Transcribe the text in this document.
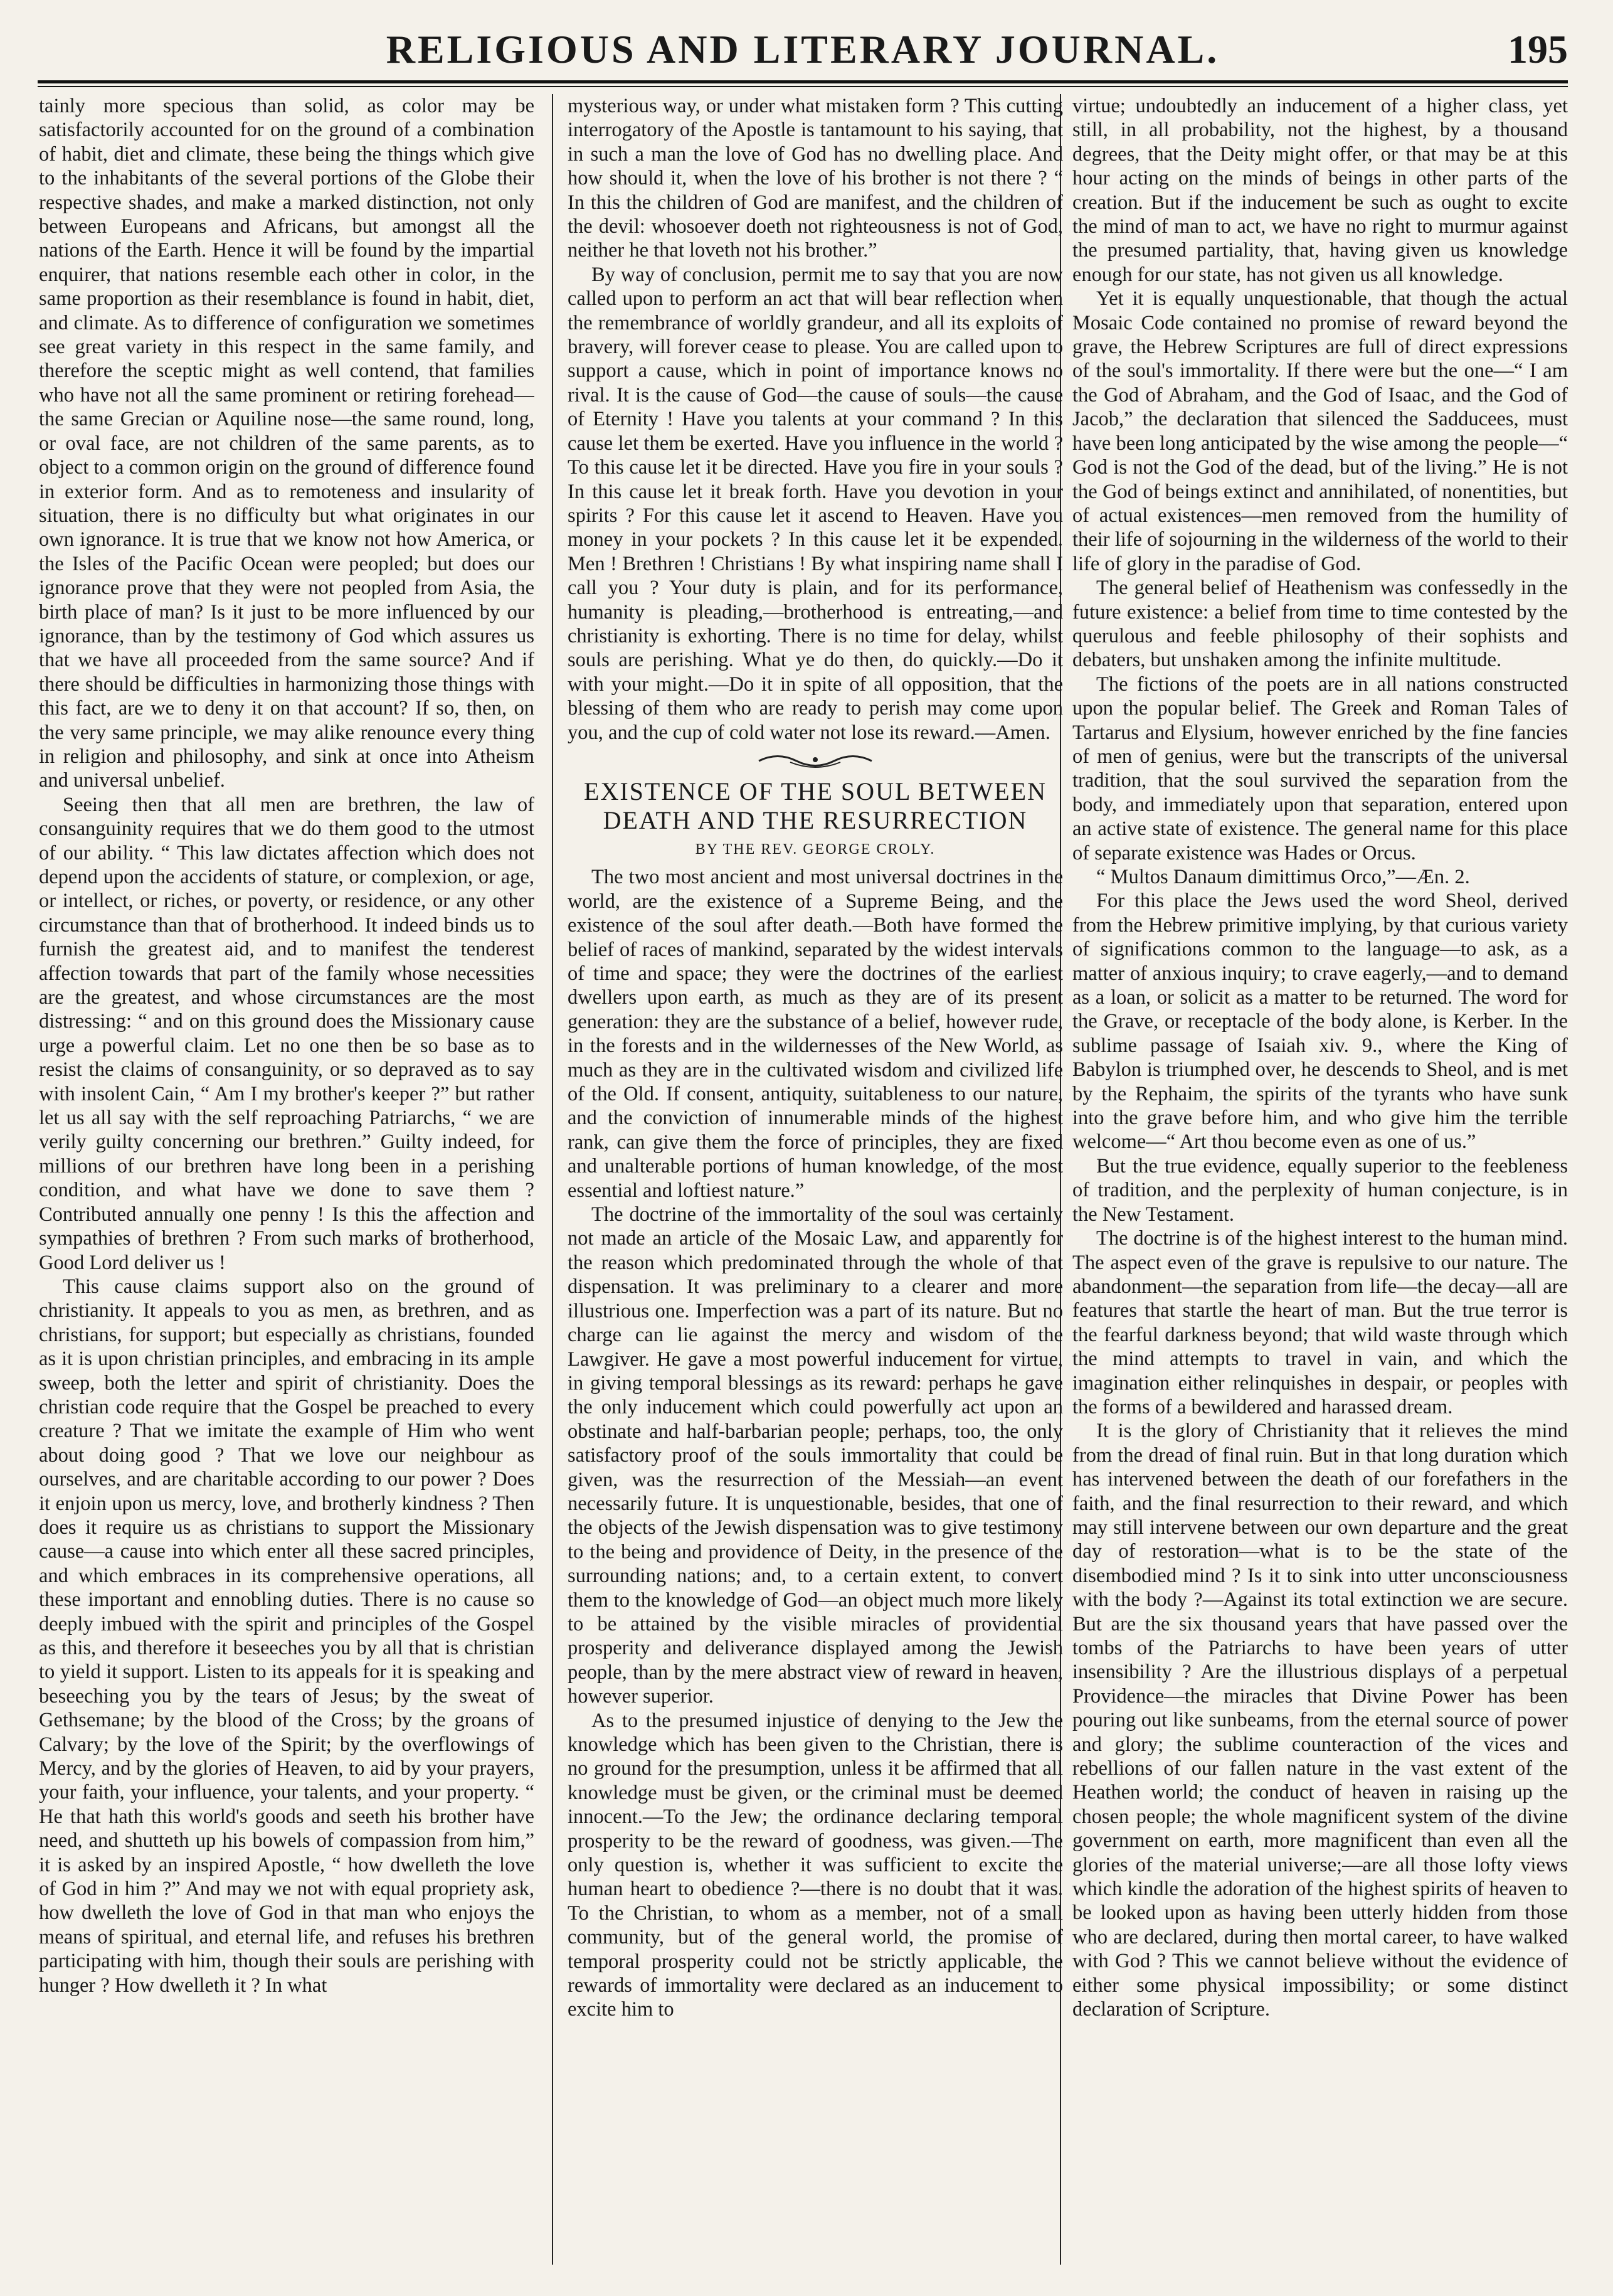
RELIGIOUS AND LITERARY JOURNAL.	195

tainly more specious than solid, as color may be satisfactorily accounted for on the ground of a combination of habit, diet and climate, these being the things which give to the inhabitants of the several portions of the Globe their respective shades, and make a marked distinction, not only between Europeans and Africans, but amongst all the nations of the Earth. Hence it will be found by the impartial enquirer, that nations resemble each other in color, in the same proportion as their resemblance is found in habit, diet, and climate. As to difference of configuration we sometimes see great variety in this respect in the same family, and therefore the sceptic might as well contend, that families who have not all the same prominent or retiring forehead—the same Grecian or Aquiline nose—the same round, long, or oval face, are not children of the same parents, as to object to a common origin on the ground of difference found in exterior form. And as to remoteness and insularity of situation, there is no difficulty but what originates in our own ignorance. It is true that we know not how America, or the Isles of the Pacific Ocean were peopled; but does our ignorance prove that they were not peopled from Asia, the birth place of man? Is it just to be more influenced by our ignorance, than by the testimony of God which assures us that we have all proceeded from the same source? And if there should be difficulties in harmonizing those things with this fact, are we to deny it on that account? If so, then, on the very same principle, we may alike renounce every thing in religion and philosophy, and sink at once into Atheism and universal unbelief.

Seeing then that all men are brethren, the law of consanguinity requires that we do them good to the utmost of our ability. “ This law dictates affection which does not depend upon the accidents of stature, or complexion, or age, or intellect, or riches, or poverty, or residence, or any other circumstance than that of brotherhood. It indeed binds us to furnish the greatest aid, and to manifest the tenderest affection towards that part of the family whose necessities are the greatest, and whose circumstances are the most distressing: “ and on this ground does the Missionary cause urge a powerful claim. Let no one then be so base as to resist the claims of consanguinity, or so depraved as to say with insolent Cain, “ Am I my brother's keeper ?” but rather let us all say with the self reproaching Patriarchs, “ we are verily guilty concerning our brethren.” Guilty indeed, for millions of our brethren have long been in a perishing condition, and what have we done to save them ? Contributed annually one penny ! Is this the affection and sympathies of brethren ? From such marks of brotherhood, Good Lord deliver us !

This cause claims support also on the ground of christianity. It appeals to you as men, as brethren, and as christians, for support; but especially as christians, founded as it is upon christian principles, and embracing in its ample sweep, both the letter and spirit of christianity. Does the christian code require that the Gospel be preached to every creature ? That we imitate the example of Him who went about doing good ? That we love our neighbour as ourselves, and are charitable according to our power ? Does it enjoin upon us mercy, love, and brotherly kindness ? Then does it require us as christians to support the Missionary cause—a cause into which enter all these sacred principles, and which embraces in its comprehensive operations, all these important and ennobling duties. There is no cause so deeply imbued with the spirit and principles of the Gospel as this, and therefore it beseeches you by all that is christian to yield it support. Listen to its appeals for it is speaking and beseeching you by the tears of Jesus; by the sweat of Gethsemane; by the blood of the Cross; by the groans of Calvary; by the love of the Spirit; by the overflowings of Mercy, and by the glories of Heaven, to aid by your prayers, your faith, your influence, your talents, and your property. “ He that hath this world's goods and seeth his brother have need, and shutteth up his bowels of compassion from him,” it is asked by an inspired Apostle, “ how dwelleth the love of God in him ?” And may we not with equal propriety ask, how dwelleth the love of God in that man who enjoys the means of spiritual, and eternal life, and refuses his brethren participating with him, though their souls are perishing with hunger ? How dwelleth it ? In what

mysterious way, or under what mistaken form ? This cutting interrogatory of the Apostle is tantamount to his saying, that in such a man the love of God has no dwelling place. And how should it, when the love of his brother is not there ? “ In this the children of God are manifest, and the children of the devil: whosoever doeth not righteousness is not of God, neither he that loveth not his brother.”

By way of conclusion, permit me to say that you are now called upon to perform an act that will bear reflection when the remembrance of worldly grandeur, and all its exploits of bravery, will forever cease to please. You are called upon to support a cause, which in point of importance knows no rival. It is the cause of God—the cause of souls—the cause of Eternity ! Have you talents at your command ? In this cause let them be exerted. Have you influence in the world ? To this cause let it be directed. Have you fire in your souls ? In this cause let it break forth. Have you devotion in your spirits ? For this cause let it ascend to Heaven. Have you money in your pockets ? In this cause let it be expended. Men ! Brethren ! Christians ! By what inspiring name shall I call you ? Your duty is plain, and for its performance, humanity is pleading,—brotherhood is entreating,—and christianity is exhorting. There is no time for delay, whilst souls are perishing. What ye do then, do quickly.—Do it with your might.—Do it in spite of all opposition, that the blessing of them who are ready to perish may come upon you, and the cup of cold water not lose its reward.—Amen.

EXISTENCE OF THE SOUL BETWEEN DEATH AND THE RESURRECTION
BY THE REV. GEORGE CROLY.

The two most ancient and most universal doctrines in the world, are the existence of a Supreme Being, and the existence of the soul after death.—Both have formed the belief of races of mankind, separated by the widest intervals of time and space; they were the doctrines of the earliest dwellers upon earth, as much as they are of its present generation: they are the substance of a belief, however rude, in the forests and in the wildernesses of the New World, as much as they are in the cultivated wisdom and civilized life of the Old. If consent, antiquity, suitableness to our nature, and the conviction of innumerable minds of the highest rank, can give them the force of principles, they are fixed and unalterable portions of human knowledge, of the most essential and loftiest nature.”

The doctrine of the immortality of the soul was certainly not made an article of the Mosaic Law, and apparently for the reason which predominated through the whole of that dispensation. It was preliminary to a clearer and more illustrious one. Imperfection was a part of its nature. But no charge can lie against the mercy and wisdom of the Lawgiver. He gave a most powerful inducement for virtue, in giving temporal blessings as its reward: perhaps he gave the only inducement which could powerfully act upon an obstinate and half-barbarian people; perhaps, too, the only satisfactory proof of the souls immortality that could be given, was the resurrection of the Messiah—an event necessarily future. It is unquestionable, besides, that one of the objects of the Jewish dispensation was to give testimony to the being and providence of Deity, in the presence of the surrounding nations; and, to a certain extent, to convert them to the knowledge of God—an object much more likely to be attained by the visible miracles of providential prosperity and deliverance displayed among the Jewish people, than by the mere abstract view of reward in heaven, however superior.

As to the presumed injustice of denying to the Jew the knowledge which has been given to the Christian, there is no ground for the presumption, unless it be affirmed that all knowledge must be given, or the criminal must be deemed innocent.—To the Jew; the ordinance declaring temporal prosperity to be the reward of goodness, was given.—The only question is, whether it was sufficient to excite the human heart to obedience ?—there is no doubt that it was. To the Christian, to whom as a member, not of a small community, but of the general world, the promise of temporal prosperity could not be strictly applicable, the rewards of immortality were declared as an inducement to excite him to

virtue; undoubtedly an inducement of a higher class, yet still, in all probability, not the highest, by a thousand degrees, that the Deity might offer, or that may be at this hour acting on the minds of beings in other parts of the creation. But if the inducement be such as ought to excite the mind of man to act, we have no right to murmur against the presumed partiality, that, having given us knowledge enough for our state, has not given us all knowledge.

Yet it is equally unquestionable, that though the actual Mosaic Code contained no promise of reward beyond the grave, the Hebrew Scriptures are full of direct expressions of the soul's immortality. If there were but the one—“ I am the God of Abraham, and the God of Isaac, and the God of Jacob,” the declaration that silenced the Sadducees, must have been long anticipated by the wise among the people—“ God is not the God of the dead, but of the living.” He is not the God of beings extinct and annihilated, of nonentities, but of actual existences—men removed from the humility of their life of sojourning in the wilderness of the world to their life of glory in the paradise of God.

The general belief of Heathenism was confessedly in the future existence: a belief from time to time contested by the querulous and feeble philosophy of their sophists and debaters, but unshaken among the infinite multitude.

The fictions of the poets are in all nations constructed upon the popular belief. The Greek and Roman Tales of Tartarus and Elysium, however enriched by the fine fancies of men of genius, were but the transcripts of the universal tradition, that the soul survived the separation from the body, and immediately upon that separation, entered upon an active state of existence. The general name for this place of separate existence was Hades or Orcus.

“ Multos Danaum dimittimus Orco,”—Æn. 2.

For this place the Jews used the word Sheol, derived from the Hebrew primitive implying, by that curious variety of significations common to the language—to ask, as a matter of anxious inquiry; to crave eagerly,—and to demand as a loan, or solicit as a matter to be returned. The word for the Grave, or receptacle of the body alone, is Kerber. In the sublime passage of Isaiah xiv. 9., where the King of Babylon is triumphed over, he descends to Sheol, and is met by the Rephaim, the spirits of the tyrants who have sunk into the grave before him, and who give him the terrible welcome—“ Art thou become even as one of us.”

But the true evidence, equally superior to the feebleness of tradition, and the perplexity of human conjecture, is in the New Testament.

The doctrine is of the highest interest to the human mind. The aspect even of the grave is repulsive to our nature. The abandonment—the separation from life—the decay—all are features that startle the heart of man. But the true terror is the fearful darkness beyond; that wild waste through which the mind attempts to travel in vain, and which the imagination either relinquishes in despair, or peoples with the forms of a bewildered and harassed dream.

It is the glory of Christianity that it relieves the mind from the dread of final ruin. But in that long duration which has intervened between the death of our forefathers in the faith, and the final resurrection to their reward, and which may still intervene between our own departure and the great day of restoration—what is to be the state of the disembodied mind ? Is it to sink into utter unconsciousness with the body ?—Against its total extinction we are secure. But are the six thousand years that have passed over the tombs of the Patriarchs to have been years of utter insensibility ? Are the illustrious displays of a perpetual Providence—the miracles that Divine Power has been pouring out like sunbeams, from the eternal source of power and glory; the sublime counteraction of the vices and rebellions of our fallen nature in the vast extent of the Heathen world; the conduct of heaven in raising up the chosen people; the whole magnificent system of the divine government on earth, more magnificent than even all the glories of the material universe;—are all those lofty views which kindle the adoration of the highest spirits of heaven to be looked upon as having been utterly hidden from those who are declared, during then mortal career, to have walked with God ? This we cannot believe without the evidence of either some physical impossibility; or some distinct declaration of Scripture.
